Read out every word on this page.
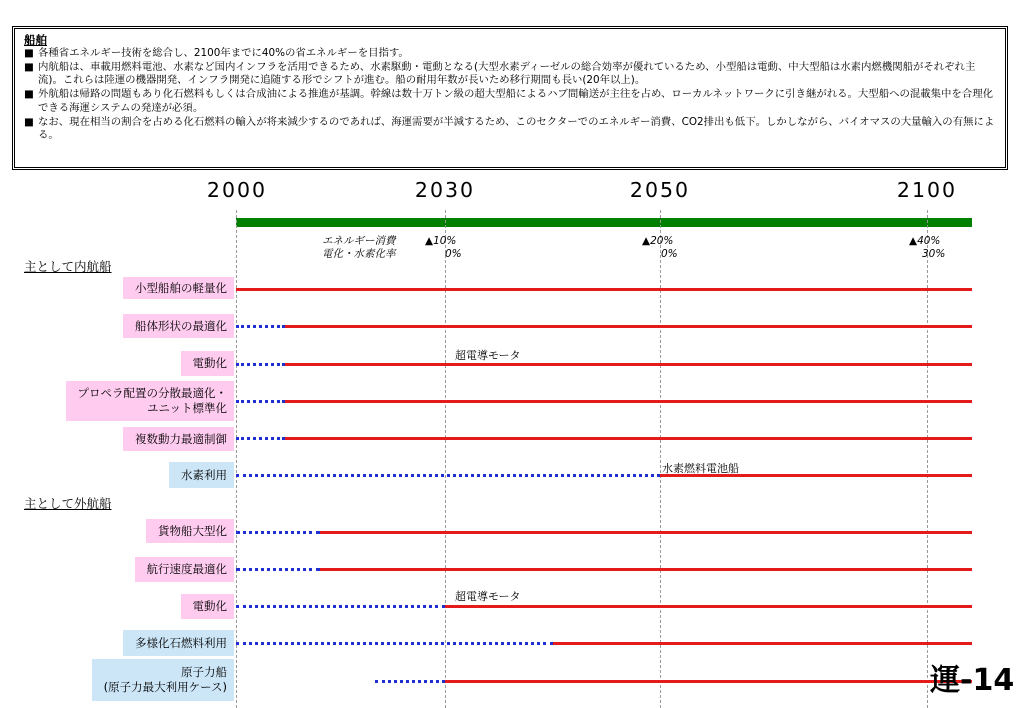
船舶
■ 各種省エネルギー技術を総合し、2100年までに40%の省エネルギーを目指す。
■ 内航船は、車載用燃料電池、水素など国内インフラを活用できるため、水素駆動・電動となる(大型水素ディーゼルの総合効率が優れているため、小型船は電動、中大型船は水素内燃機関船がそれぞれ主流)。これらは陸運の機器開発、インフラ開発に追随する形でシフトが進む。船の耐用年数が長いため移行期間も長い(20年以上)。
■ 外航船は帰路の問題もあり化石燃料もしくは合成油による推進が基調。幹線は数十万トン級の超大型船によるハブ間輸送が主往を占め、ローカルネットワークに引き継がれる。大型船への混載集中を合理化できる海運システムの発達が必須。
■ なお、現在相当の割合を占める化石燃料の輸入が将来減少するのであれば、海運需要が半減するため、このセクターでのエネルギー消費、CO2排出も低下。しかしながら、バイオマスの大量輸入の有無による。
2000	2030	2050	2100
エネルギー消費
電化・水素化率
▲10%
0%
▲20%
0%
▲40%
30%
主として内航船
主として外航船
小型船舶の軽量化
船体形状の最適化
電動化
プロペラ配置の分散最適化・
ユニット標準化
複数動力最適制御
水素利用
貨物船大型化
航行速度最適化
電動化
多様化石燃料利用
原子力船
(原子力最大利用ケース)
超電導モータ
水素燃料電池船
超電導モータ
運-14
